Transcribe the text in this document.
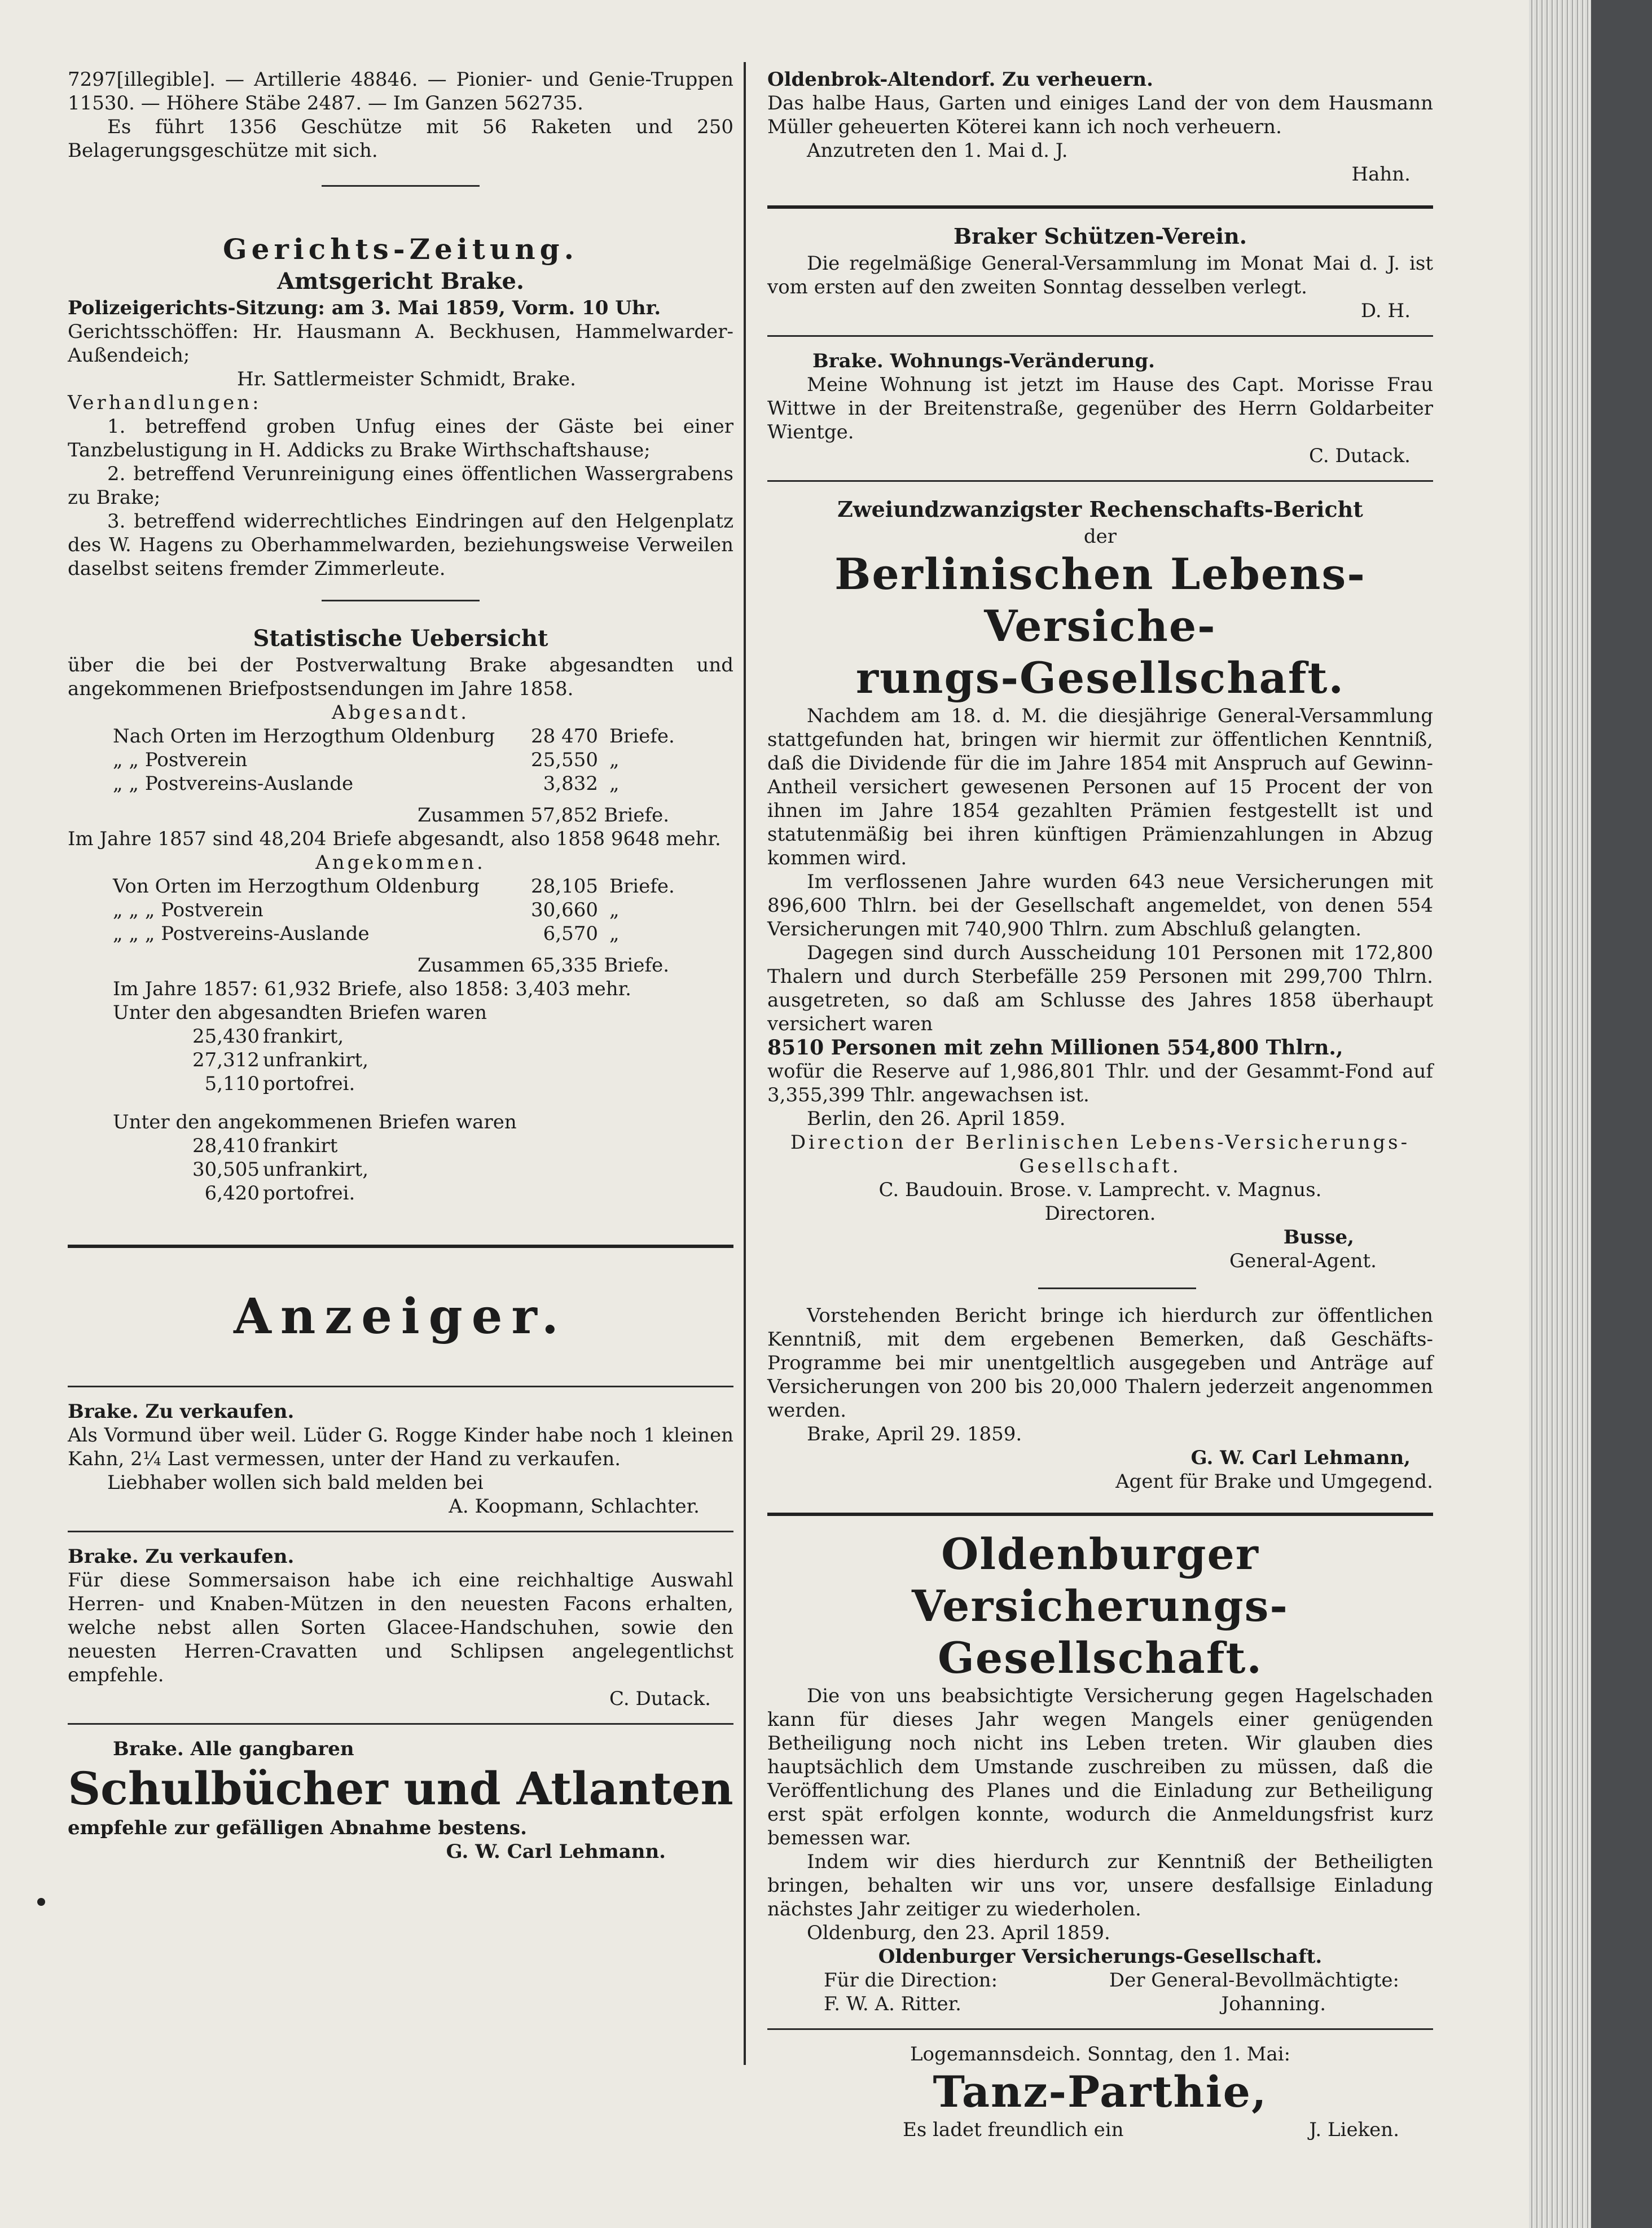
7297[illegible]. — Artillerie 48846. — Pionier- und Genie-Truppen 11530. — Höhere Stäbe 2487. — Im Ganzen 562735.

Es führt 1356 Geschütze mit 56 Raketen und 250 Belagerungsgeschütze mit sich.

Gerichts-Zeitung.

Amtsgericht Brake.

Polizeigerichts-Sitzung: am 3. Mai 1859, Vorm. 10 Uhr.

Gerichtsschöffen: Hr. Hausmann A. Beckhusen, Hammelwarder-Außendeich;

Hr. Sattlermeister Schmidt, Brake.

Verhandlungen:

1. betreffend groben Unfug eines der Gäste bei einer Tanzbelustigung in H. Addicks zu Brake Wirthschaftshause;

2. betreffend Verunreinigung eines öffentlichen Wassergrabens zu Brake;

3. betreffend widerrechtliches Eindringen auf den Helgenplatz des W. Hagens zu Oberhammelwarden, beziehungsweise Verweilen daselbst seitens fremder Zimmerleute.

Statistische Uebersicht

über die bei der Postverwaltung Brake abgesandten und angekommenen Briefpostsendungen im Jahre 1858.

Abgesandt.

Nach Orten im Herzogthum Oldenburg	28 470 Briefe.
„ „ Postverein	25,550 „
„ „ Postvereins-Auslande	3,832 „

Zusammen 57,852 Briefe.

Im Jahre 1857 sind 48,204 Briefe abgesandt, also 1858 9648 mehr.

Angekommen.

Von Orten im Herzogthum Oldenburg	28,105 Briefe.
„ „ „ Postverein	30,660 „
„ „ „ Postvereins-Auslande	6,570 „

Zusammen 65,335 Briefe.

Im Jahre 1857: 61,932 Briefe, also 1858: 3,403 mehr.

Unter den abgesandten Briefen waren

25,430 frankirt,
27,312 unfrankirt,
5,110 portofrei.

Unter den angekommenen Briefen waren

28,410 frankirt
30,505 unfrankirt,
6,420 portofrei.

Anzeiger.

Brake. Zu verkaufen.

Als Vormund über weil. Lüder G. Rogge Kinder habe noch 1 kleinen Kahn, 2¼ Last vermessen, unter der Hand zu verkaufen.

Liebhaber wollen sich bald melden bei

A. Koopmann, Schlachter.

Brake. Zu verkaufen.

Für diese Sommersaison habe ich eine reichhaltige Auswahl Herren- und Knaben-Mützen in den neuesten Facons erhalten, welche nebst allen Sorten Glacee-Handschuhen, sowie den neuesten Herren-Cravatten und Schlipsen angelegentlichst empfehle.

C. Dutack.

Brake. Alle gangbaren

Schulbücher und Atlanten

empfehle zur gefälligen Abnahme bestens.

G. W. Carl Lehmann.

Oldenbrok-Altendorf. Zu verheuern.

Das halbe Haus, Garten und einiges Land der von dem Hausmann Müller geheuerten Köterei kann ich noch verheuern.

Anzutreten den 1. Mai d. J.

Hahn.

Braker Schützen-Verein.

Die regelmäßige General-Versammlung im Monat Mai d. J. ist vom ersten auf den zweiten Sonntag desselben verlegt.

D. H.

Brake. Wohnungs-Veränderung.

Meine Wohnung ist jetzt im Hause des Capt. Morisse Frau Wittwe in der Breitenstraße, gegenüber des Herrn Goldarbeiter Wientge.

C. Dutack.

Zweiundzwanzigster Rechenschafts-Bericht

der

Berlinischen Lebens-Versiche-

rungs-Gesellschaft.

Nachdem am 18. d. M. die diesjährige General-Versammlung stattgefunden hat, bringen wir hiermit zur öffentlichen Kenntniß, daß die Dividende für die im Jahre 1854 mit Anspruch auf Gewinn-Antheil versichert gewesenen Personen auf 15 Procent der von ihnen im Jahre 1854 gezahlten Prämien festgestellt ist und statutenmäßig bei ihren künftigen Prämienzahlungen in Abzug kommen wird.

Im verflossenen Jahre wurden 643 neue Versicherungen mit 896,600 Thlrn. bei der Gesellschaft angemeldet, von denen 554 Versicherungen mit 740,900 Thlrn. zum Abschluß gelangten.

Dagegen sind durch Ausscheidung 101 Personen mit 172,800 Thalern und durch Sterbefälle 259 Personen mit 299,700 Thlrn. ausgetreten, so daß am Schlusse des Jahres 1858 überhaupt versichert waren

8510 Personen mit zehn Millionen 554,800 Thlrn.,

wofür die Reserve auf 1,986,801 Thlr. und der Gesammt-Fond auf 3,355,399 Thlr. angewachsen ist.

Berlin, den 26. April 1859.

Direction der Berlinischen Lebens-Versicherungs-Gesellschaft.

C. Baudouin. Brose. v. Lamprecht. v. Magnus.

Directoren.

Busse,

General-Agent.

Vorstehenden Bericht bringe ich hierdurch zur öffentlichen Kenntniß, mit dem ergebenen Bemerken, daß Geschäfts-Programme bei mir unentgeltlich ausgegeben und Anträge auf Versicherungen von 200 bis 20,000 Thalern jederzeit angenommen werden.

Brake, April 29. 1859.

G. W. Carl Lehmann,

Agent für Brake und Umgegend.

Oldenburger Versicherungs-

Gesellschaft.

Die von uns beabsichtigte Versicherung gegen Hagelschaden kann für dieses Jahr wegen Mangels einer genügenden Betheiligung noch nicht ins Leben treten. Wir glauben dies hauptsächlich dem Umstande zuschreiben zu müssen, daß die Veröffentlichung des Planes und die Einladung zur Betheiligung erst spät erfolgen konnte, wodurch die Anmeldungsfrist kurz bemessen war.

Indem wir dies hierdurch zur Kenntniß der Betheiligten bringen, behalten wir uns vor, unsere desfallsige Einladung nächstes Jahr zeitiger zu wiederholen.

Oldenburg, den 23. April 1859.

Oldenburger Versicherungs-Gesellschaft.

Für die Direction:	Der General-Bevollmächtigte:
F. W. A. Ritter.	Johanning.

Logemannsdeich. Sonntag, den 1. Mai:

Tanz-Parthie,

Es ladet freundlich ein	J. Lieken.
